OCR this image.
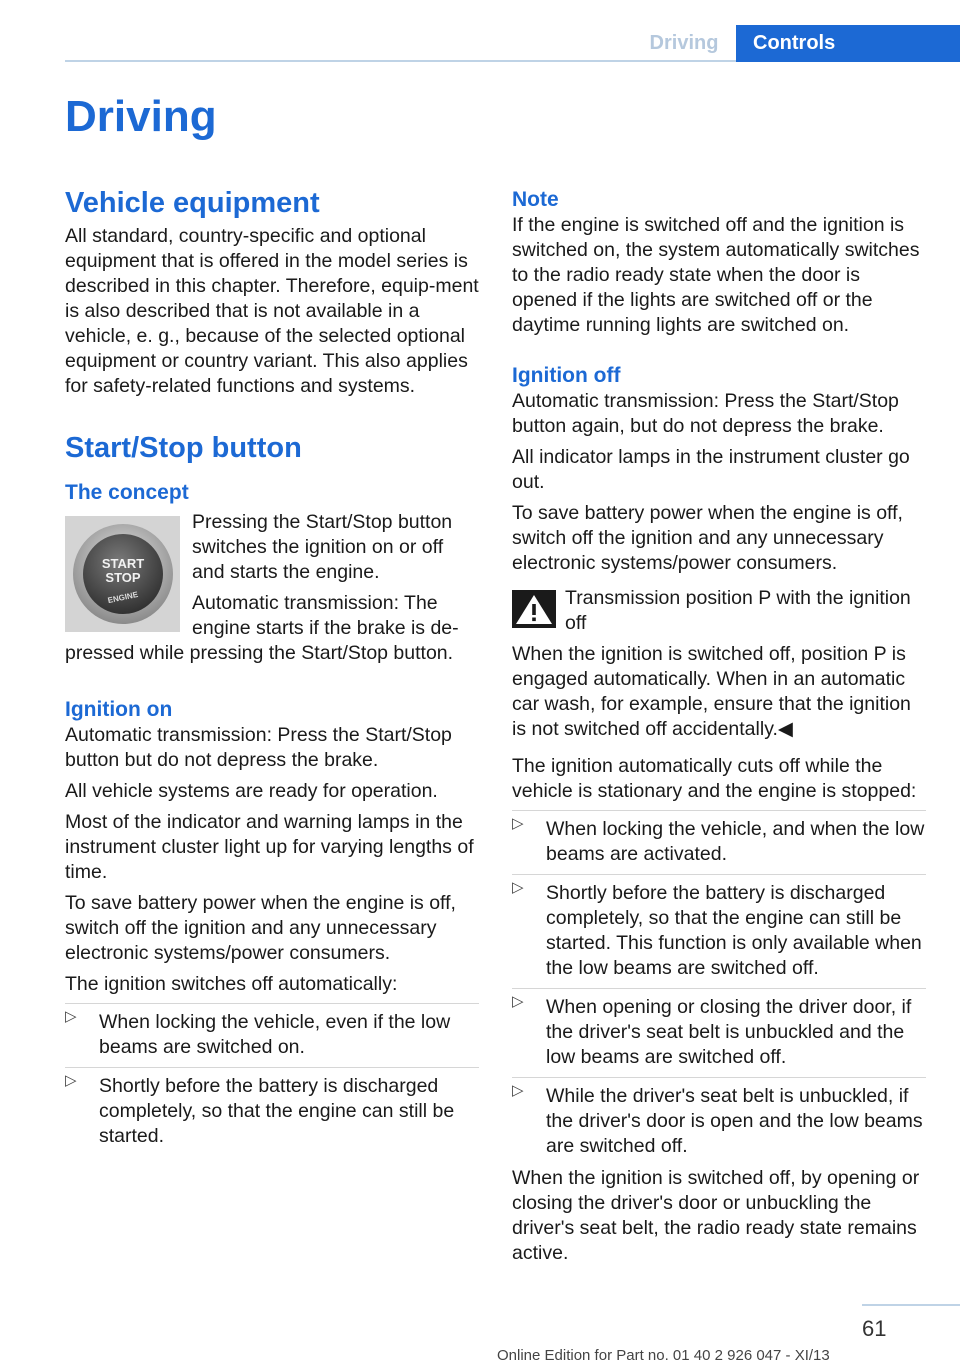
Driving	Controls
Driving
Vehicle equipment

All standard, country-specific and optional equipment that is offered in the model series is described in this chapter. Therefore, equip-ment is also described that is not available in a vehicle, e. g., because of the selected optional equipment or country variant. This also applies for safety-related functions and systems.

Start/Stop button
The concept
START
STOP
ENGINE

Pressing the Start/Stop button switches the ignition on or off and starts the engine.

Automatic transmission: The engine starts if the brake is de-pressed while pressing the Start/Stop button.

Ignition on

Automatic transmission: Press the Start/Stop button but do not depress the brake.

All vehicle systems are ready for operation.

Most of the indicator and warning lamps in the instrument cluster light up for varying lengths of time.

To save battery power when the engine is off, switch off the ignition and any unnecessary electronic systems/power consumers.

The ignition switches off automatically:

▷ When locking the vehicle, even if the low beams are switched on.
▷ Shortly before the battery is discharged completely, so that the engine can still be started.
Note

If the engine is switched off and the ignition is switched on, the system automatically switches to the radio ready state when the door is opened if the lights are switched off or the daytime running lights are switched on.

Ignition off

Automatic transmission: Press the Start/Stop button again, but do not depress the brake.

All indicator lamps in the instrument cluster go out.

To save battery power when the engine is off, switch off the ignition and any unnecessary electronic systems/power consumers.

Transmission position P with the ignition off

When the ignition is switched off, position P is engaged automatically. When in an automatic car wash, for example, ensure that the ignition is not switched off accidentally.◀

The ignition automatically cuts off while the vehicle is stationary and the engine is stopped:

▷ When locking the vehicle, and when the low beams are activated.
▷ Shortly before the battery is discharged completely, so that the engine can still be started. This function is only available when the low beams are switched off.
▷ When opening or closing the driver door, if the driver's seat belt is unbuckled and the low beams are switched off.
▷ While the driver's seat belt is unbuckled, if the driver's door is open and the low beams are switched off.

When the ignition is switched off, by opening or closing the driver's door or unbuckling the driver's seat belt, the radio ready state remains active.

61
Online Edition for Part no. 01 40 2 926 047 - XI/13
